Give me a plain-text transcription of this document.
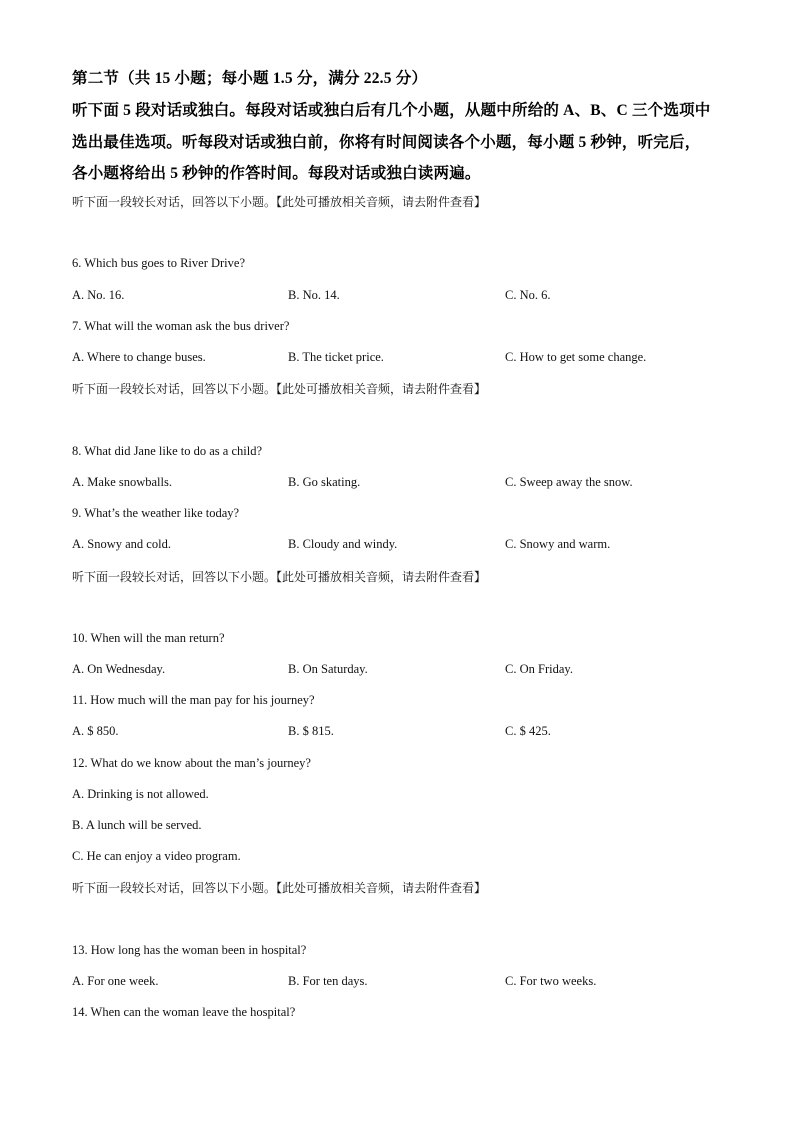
第二节（共 15 小题；每小题 1.5 分，满分 22.5 分）
听下面 5 段对话或独白。每段对话或独白后有几个小题，从题中所给的 A、B、C 三个选项中
选出最佳选项。听每段对话或独白前，你将有时间阅读各个小题，每小题 5 秒钟，听完后，
各小题将给出 5 秒钟的作答时间。每段对话或独白读两遍。
听下面一段较长对话，回答以下小题。【此处可播放相关音频，请去附件查看】
6. Which bus goes to River Drive?
A. No. 16.	B. No. 14.	C. No. 6.
7. What will the woman ask the bus driver?
A. Where to change buses.	B. The ticket price.	C. How to get some change.
听下面一段较长对话，回答以下小题。【此处可播放相关音频，请去附件查看】
8. What did Jane like to do as a child?
A. Make snowballs.	B. Go skating.	C. Sweep away the snow.
9. What’s the weather like today?
A. Snowy and cold.	B. Cloudy and windy.	C. Snowy and warm.
听下面一段较长对话，回答以下小题。【此处可播放相关音频，请去附件查看】
10. When will the man return?
A. On Wednesday.	B. On Saturday.	C. On Friday.
11. How much will the man pay for his journey?
A. $ 850.	B. $ 815.	C. $ 425.
12. What do we know about the man’s journey?
A. Drinking is not allowed.
B. A lunch will be served.
C. He can enjoy a video program.
听下面一段较长对话，回答以下小题。【此处可播放相关音频，请去附件查看】
13. How long has the woman been in hospital?
A. For one week.	B. For ten days.	C. For two weeks.
14. When can the woman leave the hospital?
